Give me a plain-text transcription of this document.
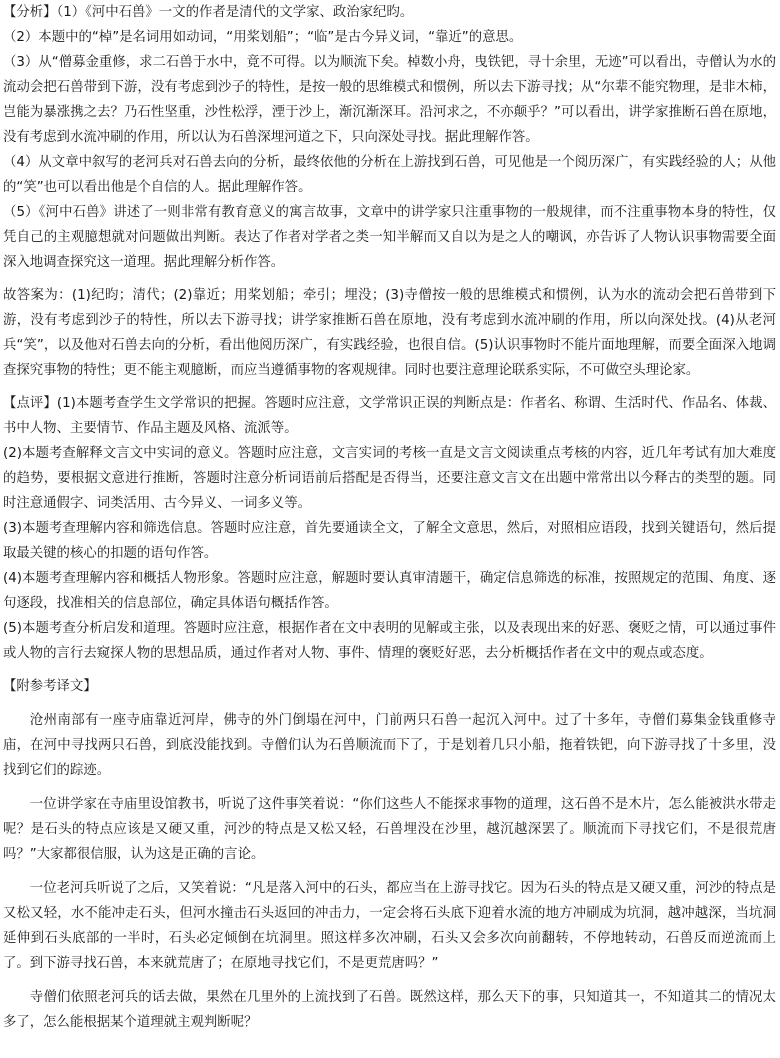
【分析】（1）《河中石兽》一文的作者是清代的文学家、政治家纪昀。

（2）本题中的“棹”是名词用如动词，“用桨划船”；“临”是古今异义词，“靠近”的意思。

（3）从“僧募金重修，求二石兽于水中，竟不可得。以为顺流下矣。棹数小舟，曳铁钯，寻十余里，无迹”可以看出，寺僧认为水的流动会把石兽带到下游，没有考虑到沙子的特性，是按一般的思维模式和惯例，所以去下游寻找；从“尔辈不能究物理，是非木柿，岂能为暴涨携之去？乃石性坚重，沙性松浮，湮于沙上，渐沉渐深耳。沿河求之，不亦颠乎？”可以看出，讲学家推断石兽在原地，没有考虑到水流冲刷的作用，所以认为石兽深埋河道之下，只向深处寻找。据此理解作答。

（4）从文章中叙写的老河兵对石兽去向的分析，最终依他的分析在上游找到石兽，可见他是一个阅历深广，有实践经验的人；从他的“笑”也可以看出他是个自信的人。据此理解作答。

（5）《河中石兽》讲述了一则非常有教育意义的寓言故事，文章中的讲学家只注重事物的一般规律，而不注重事物本身的特性，仅凭自己的主观臆想就对问题做出判断。表达了作者对学者之类一知半解而又自以为是之人的嘲讽，亦告诉了人物认识事物需要全面深入地调查探究这一道理。据此理解分析作答。

故答案为：(1)纪昀；清代；(2)靠近；用桨划船；牵引；埋没；(3)寺僧按一般的思维模式和惯例，认为水的流动会把石兽带到下游，没有考虑到沙子的特性，所以去下游寻找；讲学家推断石兽在原地，没有考虑到水流冲刷的作用，所以向深处找。(4)从老河兵“笑”，以及他对石兽去向的分析，看出他阅历深广，有实践经验，也很自信。(5)认识事物时不能片面地理解，而要全面深入地调查探究事物的特性；更不能主观臆断，而应当遵循事物的客观规律。同时也要注意理论联系实际，不可做空头理论家。

【点评】(1)本题考查学生文学常识的把握。答题时应注意，文学常识正误的判断点是：作者名、称谓、生活时代、作品名、体裁、书中人物、主要情节、作品主题及风格、流派等。

(2)本题考查解释文言文中实词的意义。答题时应注意，文言实词的考核一直是文言文阅读重点考核的内容，近几年考试有加大难度的趋势，要根据文意进行推断，答题时注意分析词语前后搭配是否得当，还要注意文言文在出题中常常出以今释古的类型的题。同时注意通假字、词类活用、古今异义、一词多义等。

(3)本题考查理解内容和筛选信息。答题时应注意，首先要通读全文，了解全文意思，然后，对照相应语段，找到关键语句，然后提取最关键的核心的扣题的语句作答。

(4)本题考查理解内容和概括人物形象。答题时应注意，解题时要认真审清题干，确定信息筛选的标准，按照规定的范围、角度、逐句逐段，找准相关的信息部位，确定具体语句概括作答。

(5)本题考查分析启发和道理。答题时应注意，根据作者在文中表明的见解或主张，以及表现出来的好恶、褒贬之情，可以通过事件或人物的言行去窥探人物的思想品质，通过作者对人物、事件、情理的褒贬好恶，去分析概括作者在文中的观点或态度。

【附参考译文】

沧州南部有一座寺庙靠近河岸，佛寺的外门倒塌在河中，门前两只石兽一起沉入河中。过了十多年，寺僧们募集金钱重修寺庙，在河中寻找两只石兽，到底没能找到。寺僧们认为石兽顺流而下了，于是划着几只小船，拖着铁钯，向下游寻找了十多里，没找到它们的踪迹。

一位讲学家在寺庙里设馆教书，听说了这件事笑着说：“你们这些人不能探求事物的道理，这石兽不是木片，怎么能被洪水带走呢？是石头的特点应该是又硬又重，河沙的特点是又松又轻，石兽埋没在沙里，越沉越深罢了。顺流而下寻找它们，不是很荒唐吗？”大家都很信服，认为这是正确的言论。

一位老河兵听说了之后，又笑着说：“凡是落入河中的石头，都应当在上游寻找它。因为石头的特点是又硬又重，河沙的特点是又松又轻，水不能冲走石头，但河水撞击石头返回的冲击力，一定会将石头底下迎着水流的地方冲刷成为坑洞，越冲越深，当坑洞延伸到石头底部的一半时，石头必定倾倒在坑洞里。照这样多次冲刷，石头又会多次向前翻转，不停地转动，石兽反而逆流而上了。到下游寻找石兽，本来就荒唐了；在原地寻找它们，不是更荒唐吗？”

寺僧们依照老河兵的话去做，果然在几里外的上流找到了石兽。既然这样，那么天下的事，只知道其一，不知道其二的情况太多了，怎么能根据某个道理就主观判断呢？
